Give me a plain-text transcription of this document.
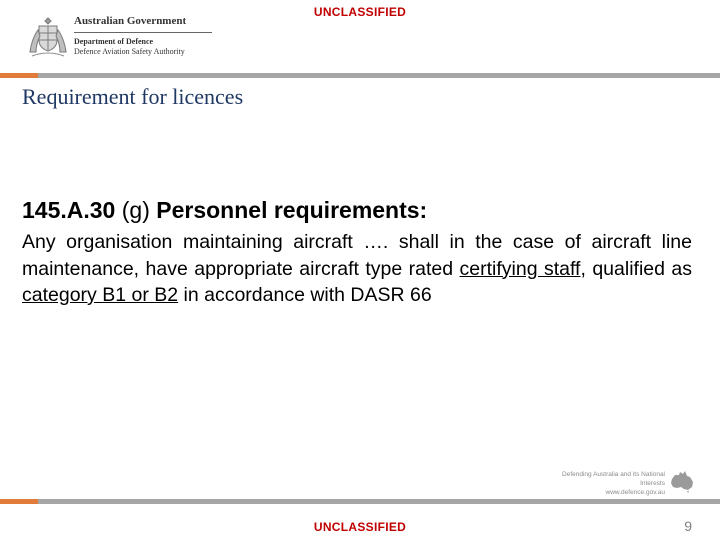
UNCLASSIFIED
Australian Government
Department of Defence
Defence Aviation Safety Authority
Requirement for licences
145.A.30 (g) Personnel requirements:
Any organisation maintaining aircraft …. shall in the case of aircraft line maintenance, have appropriate aircraft type rated certifying staff, qualified as category B1 or B2 in accordance with DASR 66
Defending Australia and its National Interests
www.defence.gov.au
UNCLASSIFIED	9
